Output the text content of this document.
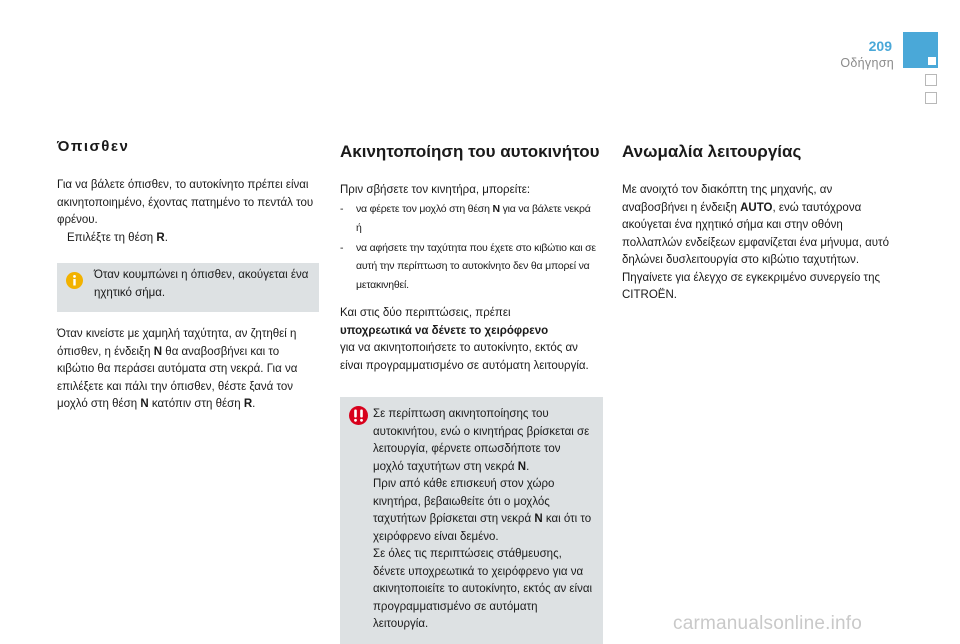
209
Οδήγηση
Όπισθεν

Για να βάλετε όπισθεν, το αυτοκίνητο πρέπει είναι ακινητοποιημένο, έχοντας πατημένο το πεντάλ του φρένου.

Επιλέξτε τη θέση R.

Όταν κουμπώνει η όπισθεν, ακούγεται ένα ηχητικό σήμα.

Όταν κινείστε με χαμηλή ταχύτητα, αν ζητηθεί η όπισθεν, η ένδειξη N θα αναβοσβήνει και το κιβώτιο θα περάσει αυτόματα στη νεκρά. Για να επιλέξετε και πάλι την όπισθεν, θέστε ξανά τον μοχλό στη θέση N κατόπιν στη θέση R.

Ακινητοποίηση του αυτοκινήτου

Πριν σβήσετε τον κινητήρα, μπορείτε:

- να φέρετε τον μοχλό στη θέση N για να βάλετε νεκρά
ή
- να αφήσετε την ταχύτητα που έχετε στο κιβώτιο και σε αυτή την περίπτωση το αυτοκίνητο δεν θα μπορεί να μετακινηθεί.

Και στις δύο περιπτώσεις, πρέπει
υποχρεωτικά να δένετε το χειρόφρενο
για να ακινητοποιήσετε το αυτοκίνητο, εκτός αν είναι προγραμματισμένο σε αυτόματη λειτουργία.

Σε περίπτωση ακινητοποίησης του αυτοκινήτου, ενώ ο κινητήρας βρίσκεται σε λειτουργία, φέρνετε οπωσδήποτε τον μοχλό ταχυτήτων στη νεκρά N.

Πριν από κάθε επισκευή στον χώρο κινητήρα, βεβαιωθείτε ότι ο μοχλός ταχυτήτων βρίσκεται στη νεκρά N και ότι το χειρόφρενο είναι δεμένο.

Σε όλες τις περιπτώσεις στάθμευσης, δένετε υποχρεωτικά το χειρόφρενο για να ακινητοποιείτε το αυτοκίνητο, εκτός αν είναι προγραμματισμένο σε αυτόματη λειτουργία.

Ανωμαλία λειτουργίας

Με ανοιχτό τον διακόπτη της μηχανής, αν αναβοσβήνει η ένδειξη AUTO, ενώ ταυτόχρονα ακούγεται ένα ηχητικό σήμα και στην οθόνη πολλαπλών ενδείξεων εμφανίζεται ένα μήνυμα, αυτό δηλώνει δυσλειτουργία στο κιβώτιο ταχυτήτων.

Πηγαίνετε για έλεγχο σε εγκεκριμένο συνεργείο της CITROËN.

carmanualsonline.info
